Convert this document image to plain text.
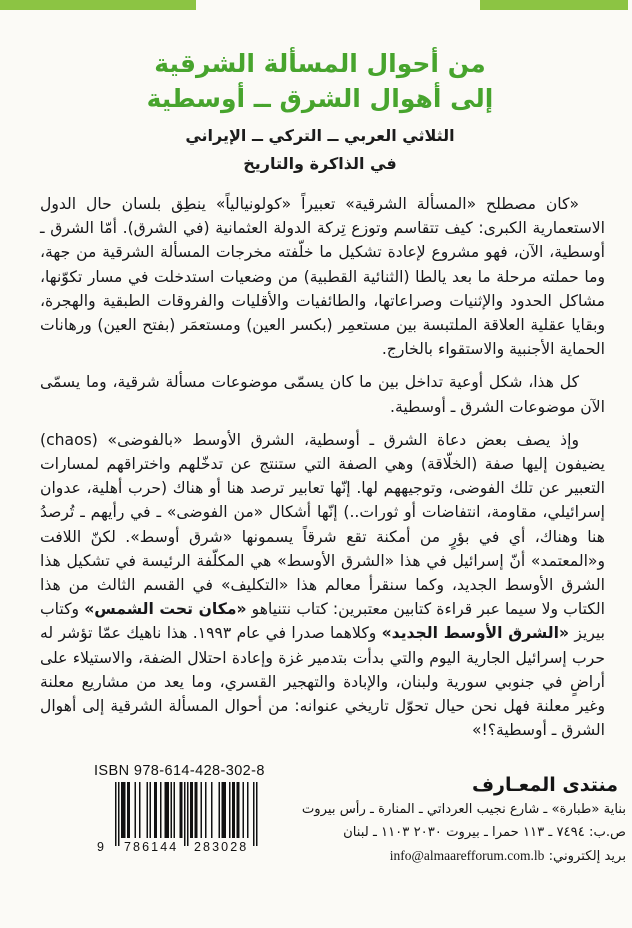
من أحوال المسألة الشرقية
إلى أهوال الشرق ــ أوسطية
الثلاثي العربي ــ التركي ــ الإيراني
في الذاكرة والتاريخ

«كان مصطلح «المسألة الشرقية» تعبيراً «كولونيالياً» ينطِق بلسان حال الدول الاستعمارية الكبرى: كيف تتقاسم وتوزع تِركة الدولة العثمانية (في الشرق). أمّا الشرق ـ أوسطية، الآن، فهو مشروع لإعادة تشكيل ما خلّفته مخرجات المسألة الشرقية من جهة، وما حملته مرحلة ما بعد يالطا (الثنائية القطبية) من وضعيات استدخلت في مسار تكوّنها، مشاكل الحدود والإثنيات وصراعاتها، والطائفيات والأقليات والفروقات الطبقية والهجرة، وبقايا عقلية العلاقة الملتبسة بين مستعمِر (بكسر العين) ومستعمَر (بفتح العين) ورهانات الحماية الأجنبية والاستقواء بالخارج.

كل هذا، شكل أوعية تداخل بين ما كان يسمّى موضوعات مسألة شرقية، وما يسمّى الآن موضوعات الشرق ـ أوسطية.

وإذ يصف بعض دعاة الشرق ـ أوسطية، الشرق الأوسط «بالفوضى» (chaos) يضيفون إليها صفة (الخلّاقة) وهي الصفة التي ستنتج عن تدخّلهم واختراقهم لمسارات التعبير عن تلك الفوضى، وتوجيههم لها. إنّها تعابير ترصد هنا أو هناك (حرب أهلية، عدوان إسرائيلي، مقاومة، انتفاضات أو ثورات..) إنّها أشكال «من الفوضى» ـ في رأيهم ـ تُرصدُ هنا وهناك، أي في بؤرٍ من أمكنة تقع شرقاً يسمونها «شرق أوسط». لكنّ اللافت و«المعتمد» أنّ إسرائيل في هذا «الشرق الأوسط» هي المكلّفة الرئيسة في تشكيل هذا الشرق الأوسط الجديد، وكما سنقرأ معالم هذا «التكليف» في القسم الثالث من هذا الكتاب ولا سيما عبر قراءة كتابين معتبرين: كتاب نتنياهو «مكان تحت الشمس» وكتاب بيريز «الشرق الأوسط الجديد» وكلاهما صدرا في عام ١٩٩٣. هذا ناهيك عمّا تؤشر له حرب إسرائيل الجارية اليوم والتي بدأت بتدمير غزة وإعادة احتلال الضفة، والاستيلاء على أراضٍ في جنوبي سورية ولبنان، والإبادة والتهجير القسري، وما يعد من مشاريع معلنة وغير معلنة فهل نحن حيال تحوّل تاريخي عنوانه: من أحوال المسألة الشرقية إلى أهوال الشرق ـ أوسطية؟!»

ISBN 978-614-428-302-8
9 786144 283028
منتدى المعـارف
بناية «طبارة» ـ شارع نجيب العرداتي ـ المنارة ـ رأس بيروت
ص.ب: ٧٤٩٤ ـ ١١٣ حمرا ـ بيروت ٢٠٣٠ ١١٠٣ ـ لبنان
بريد إلكتروني: info@almaarefforum.com.lb
